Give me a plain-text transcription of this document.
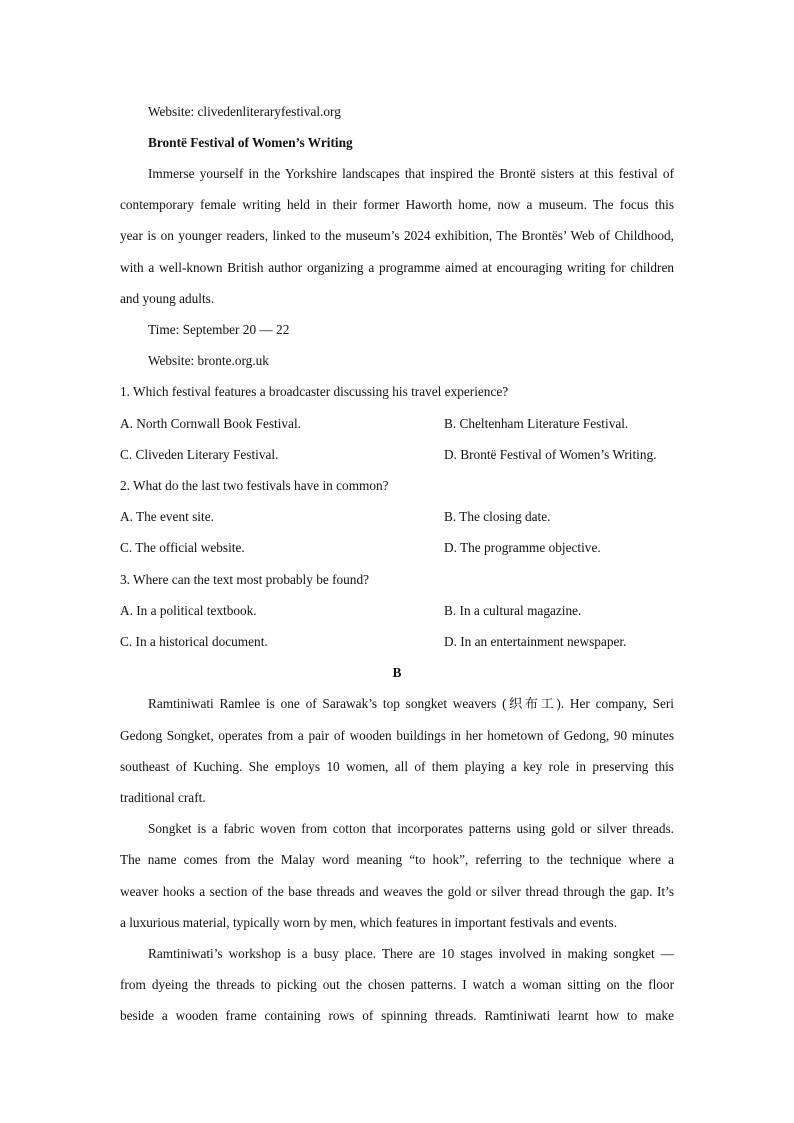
Website: clivedenliteraryfestival.org
Brontë Festival of Women’s Writing
Immerse yourself in the Yorkshire landscapes that inspired the Brontë sisters at this festival of
contemporary female writing held in their former Haworth home, now a museum. The focus this
year is on younger readers, linked to the museum’s 2024 exhibition, The Brontës’ Web of Childhood,
with a well-known British author organizing a programme aimed at encouraging writing for children
and young adults.
Time: September 20 — 22
Website: bronte.org.uk
1. Which festival features a broadcaster discussing his travel experience?
A. North Cornwall Book Festival.	B. Cheltenham Literature Festival.
C. Cliveden Literary Festival.	D. Brontë Festival of Women’s Writing.
2. What do the last two festivals have in common?
A. The event site.	B. The closing date.
C. The official website.	D. The programme objective.
3. Where can the text most probably be found?
A. In a political textbook.	B. In a cultural magazine.
C. In a historical document.	D. In an entertainment newspaper.
B
Ramtiniwati Ramlee is one of Sarawak’s top songket weavers (织布工). Her company, Seri
Gedong Songket, operates from a pair of wooden buildings in her hometown of Gedong, 90 minutes
southeast of Kuching. She employs 10 women, all of them playing a key role in preserving this
traditional craft.
Songket is a fabric woven from cotton that incorporates patterns using gold or silver threads.
The name comes from the Malay word meaning “to hook”, referring to the technique where a
weaver hooks a section of the base threads and weaves the gold or silver thread through the gap. It’s
a luxurious material, typically worn by men, which features in important festivals and events.
Ramtiniwati’s workshop is a busy place. There are 10 stages involved in making songket —
from dyeing the threads to picking out the chosen patterns. I watch a woman sitting on the floor
beside a wooden frame containing rows of spinning threads. Ramtiniwati learnt how to make
